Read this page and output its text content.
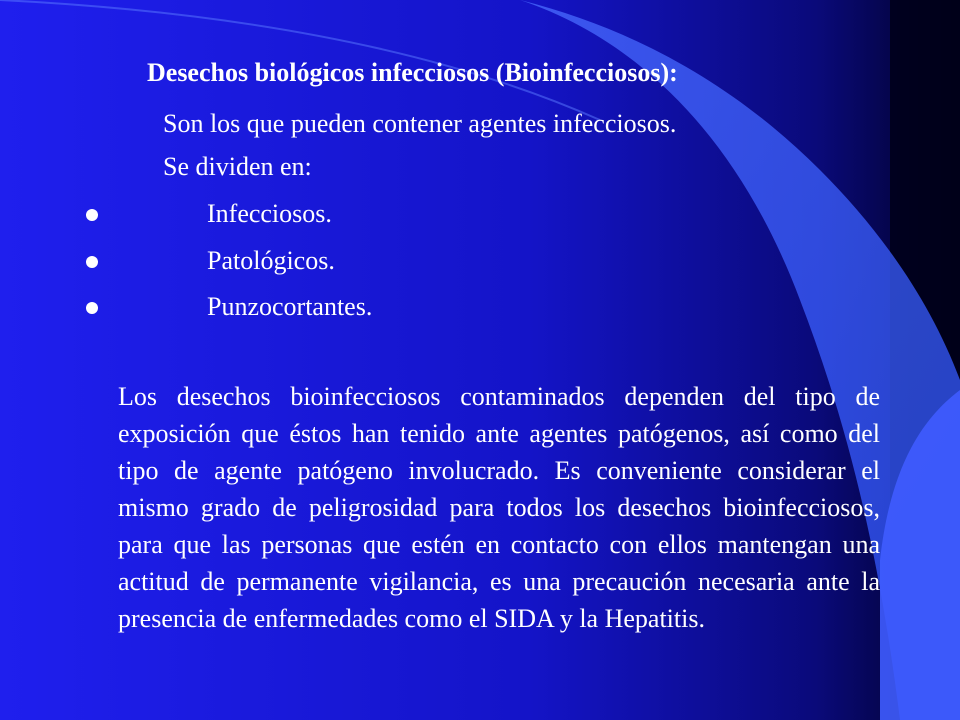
Desechos biológicos infecciosos (Bioinfecciosos):
Son los que pueden contener agentes infecciosos.
Se dividen en:
Infecciosos.
Patológicos.
Punzocortantes.

Los desechos bioinfecciosos contaminados dependen del tipo de exposición que éstos han tenido ante agentes patógenos, así como del tipo de agente patógeno involucrado. Es conveniente considerar el mismo grado de peligrosidad para todos los desechos bioinfecciosos, para que las personas que estén en contacto con ellos mantengan una actitud de permanente vigilancia, es una precaución necesaria ante la presencia de enfermedades como el SIDA y la Hepatitis.
